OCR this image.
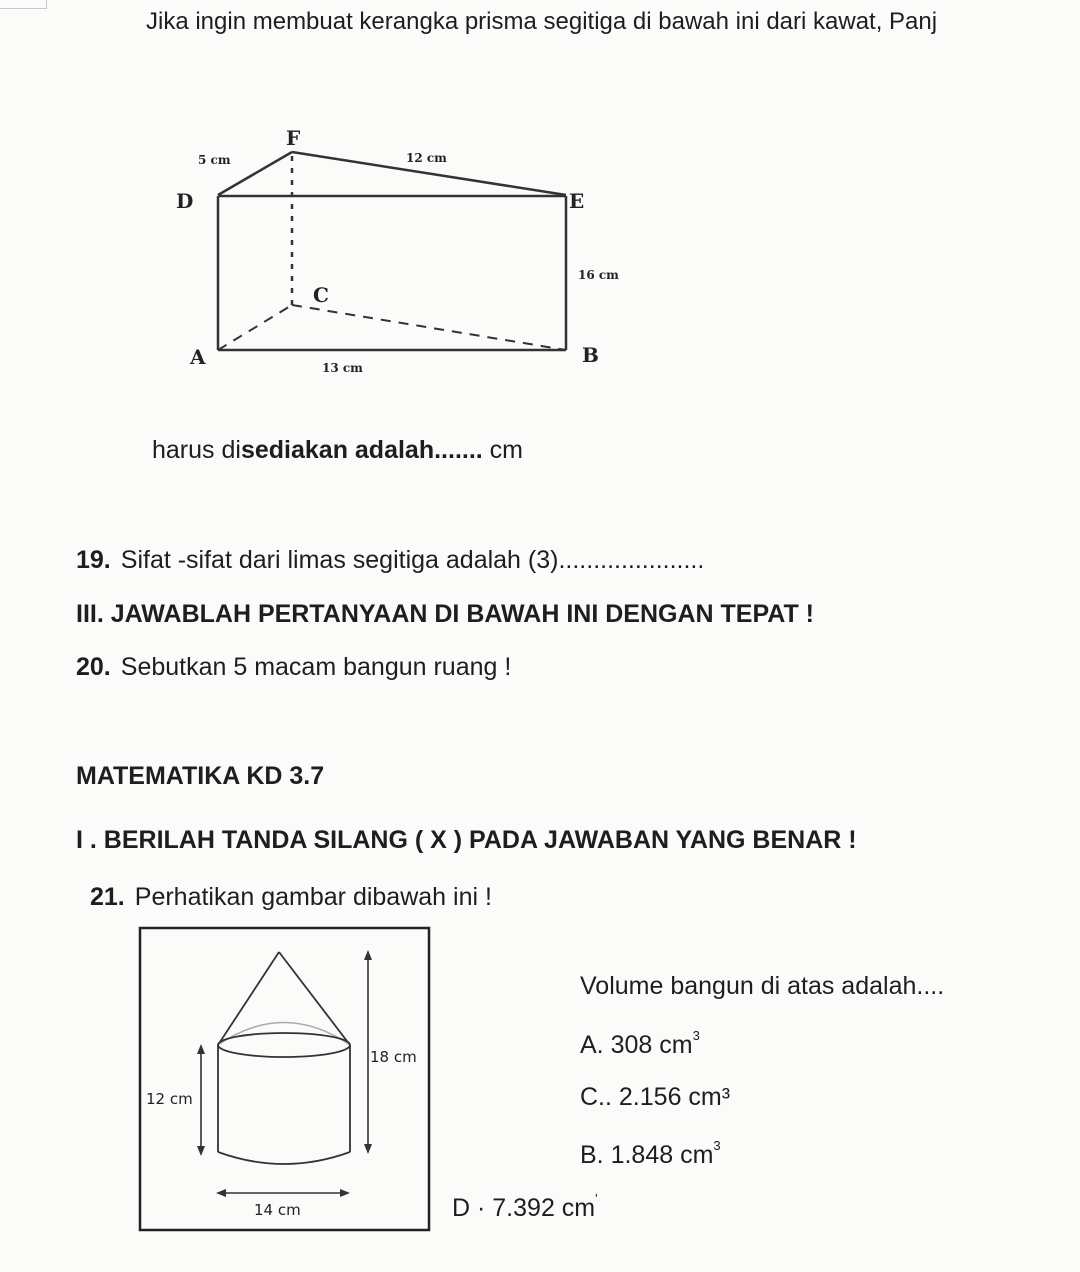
Jika ingin membuat kerangka prisma segitiga di bawah ini dari kawat, Panj
F
D	E
C
A	B
5 cm	12 cm
16 cm
13 cm
harus disediakan adalah....... cm
19. Sifat -sifat dari limas segitiga adalah (3).....................
III. JAWABLAH PERTANYAAN DI BAWAH INI DENGAN TEPAT !
20. Sebutkan 5 macam bangun ruang !
MATEMATIKA KD 3.7
I . BERILAH TANDA SILANG ( X ) PADA JAWABAN YANG BENAR !
21. Perhatikan gambar dibawah ini !
18 cm
12 cm
14 cm
Volume bangun di atas adalah....
A. 308 $cm^3$
C.. 2.156 cm³
B. 1.848 $cm^3$
D · 7.392 cm'
